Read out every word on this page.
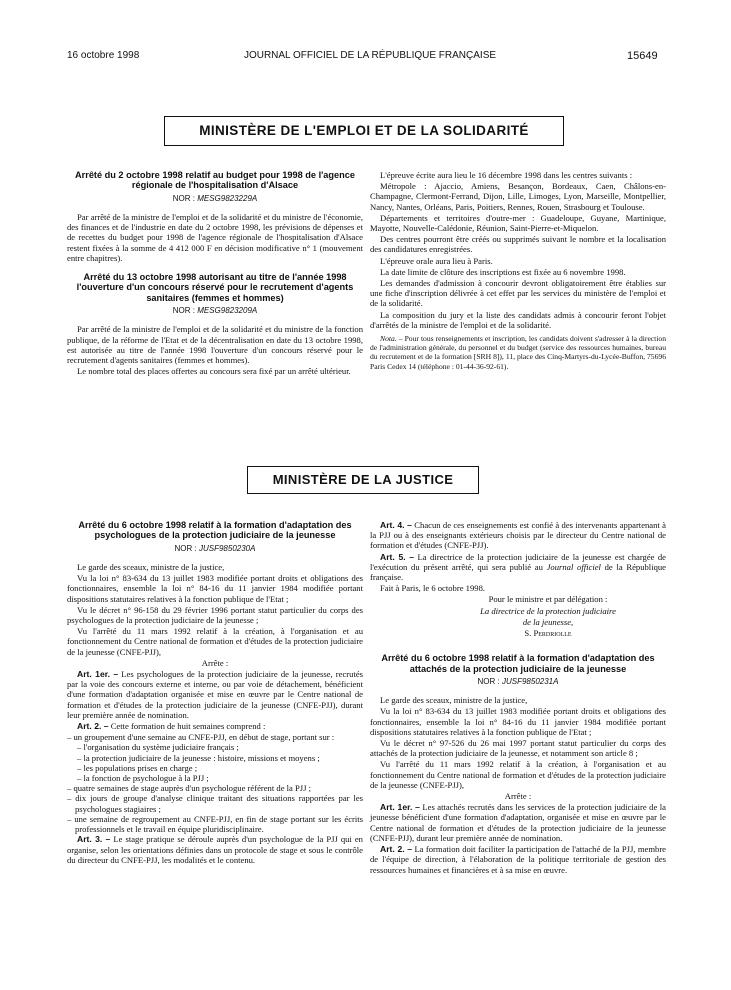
16 octobre 1998	JOURNAL OFFICIEL DE LA RÉPUBLIQUE FRANÇAISE	15649
MINISTÈRE DE L'EMPLOI ET DE LA SOLIDARITÉ
Arrêté du 2 octobre 1998 relatif au budget pour 1998 de l'agence régionale de l'hospitalisation d'Alsace
NOR : MESG9823229A

Par arrêté de la ministre de l'emploi et de la solidarité et du ministre de l'économie, des finances et de l'industrie en date du 2 octobre 1998, les prévisions de dépenses et de recettes du budget pour 1998 de l'agence régionale de l'hospitalisation d'Alsace restent fixées à la somme de 4 412 000 F en décision modificative n° 1 (mouvement entre chapitres).

Arrêté du 13 octobre 1998 autorisant au titre de l'année 1998 l'ouverture d'un concours réservé pour le recrutement d'agents sanitaires (femmes et hommes)
NOR : MESG9823209A

Par arrêté de la ministre de l'emploi et de la solidarité et du ministre de la fonction publique, de la réforme de l'Etat et de la décentralisation en date du 13 octobre 1998, est autorisée au titre de l'année 1998 l'ouverture d'un concours réservé pour le recrutement d'agents sanitaires (femmes et hommes).

Le nombre total des places offertes au concours sera fixé par un arrêté ultérieur.

L'épreuve écrite aura lieu le 16 décembre 1998 dans les centres suivants :

Métropole : Ajaccio, Amiens, Besançon, Bordeaux, Caen, Châlons-en-Champagne, Clermont-Ferrand, Dijon, Lille, Limoges, Lyon, Marseille, Montpellier, Nancy, Nantes, Orléans, Paris, Poitiers, Rennes, Rouen, Strasbourg et Toulouse.

Départements et territoires d'outre-mer : Guadeloupe, Guyane, Martinique, Mayotte, Nouvelle-Calédonie, Réunion, Saint-Pierre-et-Miquelon.

Des centres pourront être créés ou supprimés suivant le nombre et la localisation des candidatures enregistrées.

L'épreuve orale aura lieu à Paris.

La date limite de clôture des inscriptions est fixée au 6 novembre 1998.

Les demandes d'admission à concourir devront obligatoirement être établies sur une fiche d'inscription délivrée à cet effet par les services du ministère de l'emploi et de la solidarité.

La composition du jury et la liste des candidats admis à concourir feront l'objet d'arrêtés de la ministre de l'emploi et de la solidarité.

Nota. – Pour tous renseignements et inscription, les candidats doivent s'adresser à la direction de l'administration générale, du personnel et du budget (service des ressources humaines, bureau du recrutement et de la formation [SRH 8]), 11, place des Cinq-Martyrs-du-Lycée-Buffon, 75696 Paris Cedex 14 (téléphone : 01-44-36-92-61).

MINISTÈRE DE LA JUSTICE
Arrêté du 6 octobre 1998 relatif à la formation d'adaptation des psychologues de la protection judiciaire de la jeunesse
NOR : JUSF9850230A

Le garde des sceaux, ministre de la justice,

Vu la loi n° 83-634 du 13 juillet 1983 modifiée portant droits et obligations des fonctionnaires, ensemble la loi n° 84-16 du 11 janvier 1984 modifiée portant dispositions statutaires relatives à la fonction publique de l'Etat ;

Vu le décret n° 96-158 du 29 février 1996 portant statut particulier du corps des psychologues de la protection judiciaire de la jeunesse ;

Vu l'arrêté du 11 mars 1992 relatif à la création, à l'organisation et au fonctionnement du Centre national de formation et d'études de la protection judiciaire de la jeunesse (CNFE-PJJ),

Arrête :

Art. 1er. – Les psychologues de la protection judiciaire de la jeunesse, recrutés par la voie des concours externe et interne, ou par voie de détachement, bénéficient d'une formation d'adaptation organisée et mise en œuvre par le Centre national de formation et d'études de la protection judiciaire de la jeunesse (CNFE-PJJ), durant leur première année de nomination.

Art. 2. – Cette formation de huit semaines comprend :

– un groupement d'une semaine au CNFE-PJJ, en début de stage, portant sur :
– l'organisation du système judiciaire français ;
– la protection judiciaire de la jeunesse : histoire, missions et moyens ;
– les populations prises en charge ;
– la fonction de psychologue à la PJJ ;
– quatre semaines de stage auprès d'un psychologue référent de la PJJ ;
– dix jours de groupe d'analyse clinique traitant des situations rapportées par les psychologues stagiaires ;
– une semaine de regroupement au CNFE-PJJ, en fin de stage portant sur les écrits professionnels et le travail en équipe pluridisciplinaire.

Art. 3. – Le stage pratique se déroule auprès d'un psychologue de la PJJ qui en organise, selon les orientations définies dans un protocole de stage et sous le contrôle du directeur du CNFE-PJJ, les modalités et le contenu.

Art. 4. – Chacun de ces enseignements est confié à des intervenants appartenant à la PJJ ou à des enseignants extérieurs choisis par le directeur du Centre national de formation et d'études (CNFE-PJJ).

Art. 5. – La directrice de la protection judiciaire de la jeunesse est chargée de l'exécution du présent arrêté, qui sera publié au Journal officiel de la République française.

Fait à Paris, le 6 octobre 1998.

Pour le ministre et par délégation :

La directrice de la protection judiciaire

de la jeunesse,

S. Perdriolle

Arrêté du 6 octobre 1998 relatif à la formation d'adaptation des attachés de la protection judiciaire de la jeunesse
NOR : JUSF9850231A

Le garde des sceaux, ministre de la justice,

Vu la loi n° 83-634 du 13 juillet 1983 modifiée portant droits et obligations des fonctionnaires, ensemble la loi n° 84-16 du 11 janvier 1984 modifiée portant dispositions statutaires relatives à la fonction publique de l'Etat ;

Vu le décret n° 97-526 du 26 mai 1997 portant statut particulier du corps des attachés de la protection judiciaire de la jeunesse, et notamment son article 8 ;

Vu l'arrêté du 11 mars 1992 relatif à la création, à l'organisation et au fonctionnement du Centre national de formation et d'études de la protection judiciaire de la jeunesse (CNFE-PJJ),

Arrête :

Art. 1er. – Les attachés recrutés dans les services de la protection judiciaire de la jeunesse bénéficient d'une formation d'adaptation, organisée et mise en œuvre par le Centre national de formation et d'études de la protection judiciaire de la jeunesse (CNFE-PJJ), durant leur première année de nomination.

Art. 2. – La formation doit faciliter la participation de l'attaché de la PJJ, membre de l'équipe de direction, à l'élaboration de la politique territoriale de gestion des ressources humaines et financières et à sa mise en œuvre.
